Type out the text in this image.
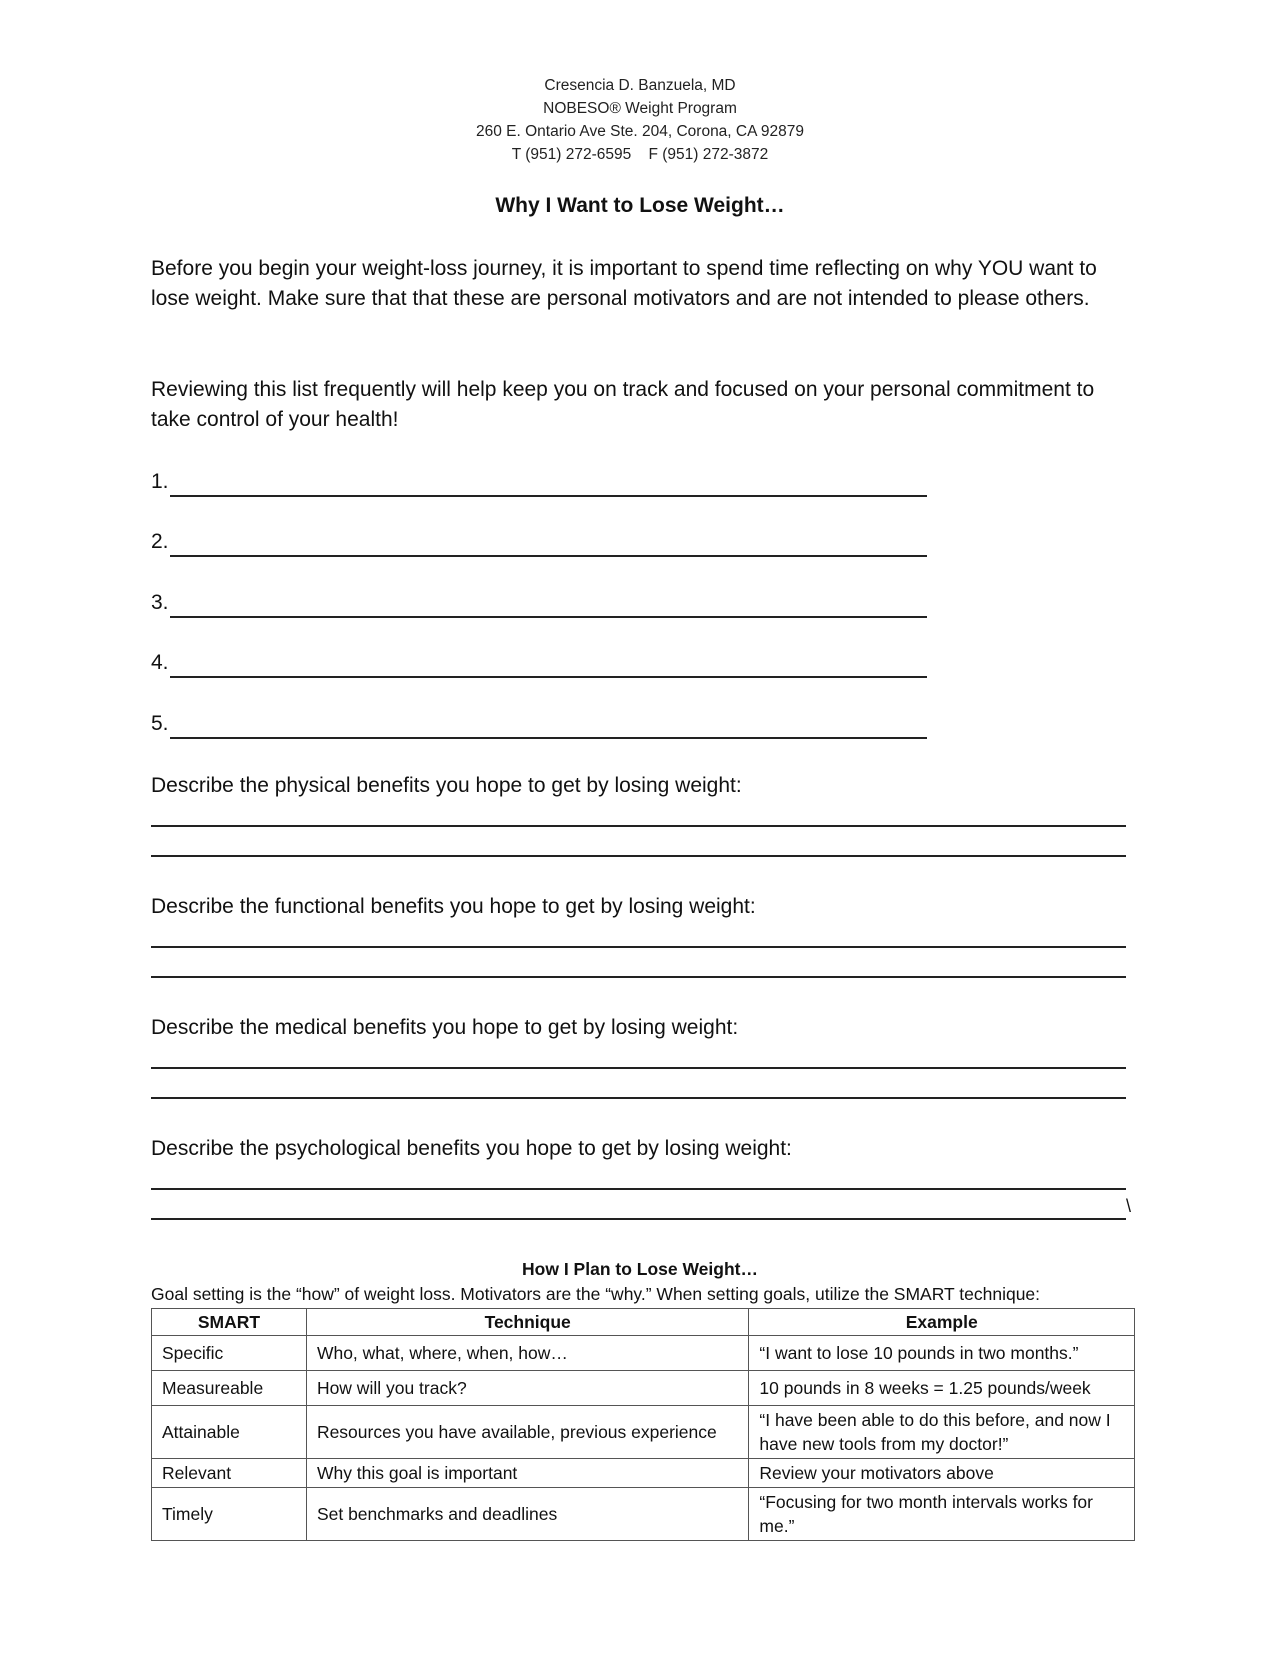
Cresencia D. Banzuela, MD
NOBESO® Weight Program
260 E. Ontario Ave Ste. 204, Corona, CA 92879
T (951) 272-6595    F (951) 272-3872
Why I Want to Lose Weight…
Before you begin your weight-loss journey, it is important to spend time reflecting on why YOU want to lose weight. Make sure that that these are personal motivators and are not intended to please others.
Reviewing this list frequently will help keep you on track and focused on your personal commitment to take control of your health!
1.
2.
3.
4.
5.
Describe the physical benefits you hope to get by losing weight:
Describe the functional benefits you hope to get by losing weight:
Describe the medical benefits you hope to get by losing weight:
Describe the psychological benefits you hope to get by losing weight:
\
How I Plan to Lose Weight…
Goal setting is the “how” of weight loss. Motivators are the “why.” When setting goals, utilize the SMART technique:
SMART	Technique	Example
Specific	Who, what, where, when, how…	“I want to lose 10 pounds in two months.”
Measureable	How will you track?	10 pounds in 8 weeks = 1.25 pounds/week
Attainable	Resources you have available, previous experience	“I have been able to do this before, and now I have new tools from my doctor!”
Relevant	Why this goal is important	Review your motivators above
Timely	Set benchmarks and deadlines	“Focusing for two month intervals works for me.”
